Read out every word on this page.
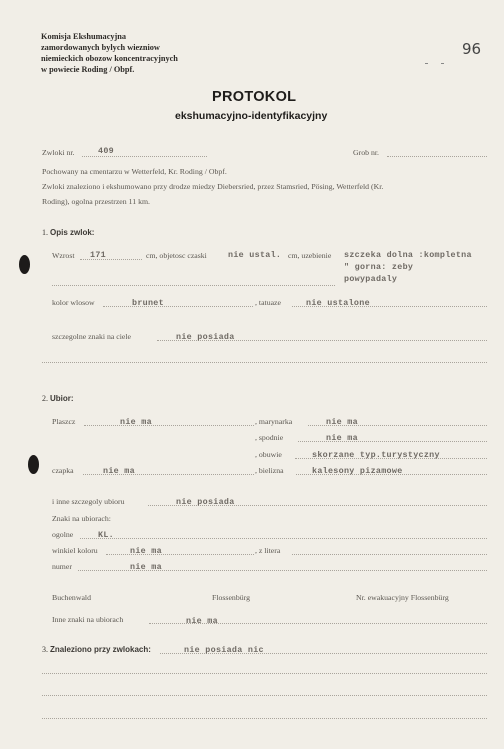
Komisja Ekshumacyjna
zamordowanych bylych wiezniow
niemieckich obozow koncentracyjnych
w powiecie Roding / Obpf.
96
PROTOKOL
ekshumacyjno-identyfikacyjny
Zwloki nr.	409	Grob nr.
Pochowany na cmentarzu w Wetterfeld, Kr. Roding / Obpf.
Zwloki znaleziono i ekshumowano przy drodze miedzy Diebersried, przez Stamsried, Pösing, Wetterfeld (Kr.
Roding), ogolna przestrzen 11 km.
1. Opis zwlok:
Wzrost 171	cm, objetosc czaski	nie ustal. cm, uzebienie szczeka dolna :kompletna
" gorna: zeby
powypadaly
kolor wlosow	brunet	, tatuaze	nie ustalone
szczegolne znaki na ciele	nie posiada
2. Ubior:
Plaszcz	nie ma	, marynarka	nie ma
, spodnie	nie ma
, obuwie	skorzane typ.turystyczny
czapka	nie ma	, bielizna	kalesony pizamowe
i inne szczegoly ubioru	nie posiada
Znaki na ubiorach:
ogolne	KL.
winkiel koloru	nie ma	, z litera
numer	nie ma
Buchenwald	Flossenbürg	Nr. ewakuacyjny Flossenbürg
Inne znaki na ubiorach	nie ma
3. Znaleziono przy zwlokach:	nie posiada nic
